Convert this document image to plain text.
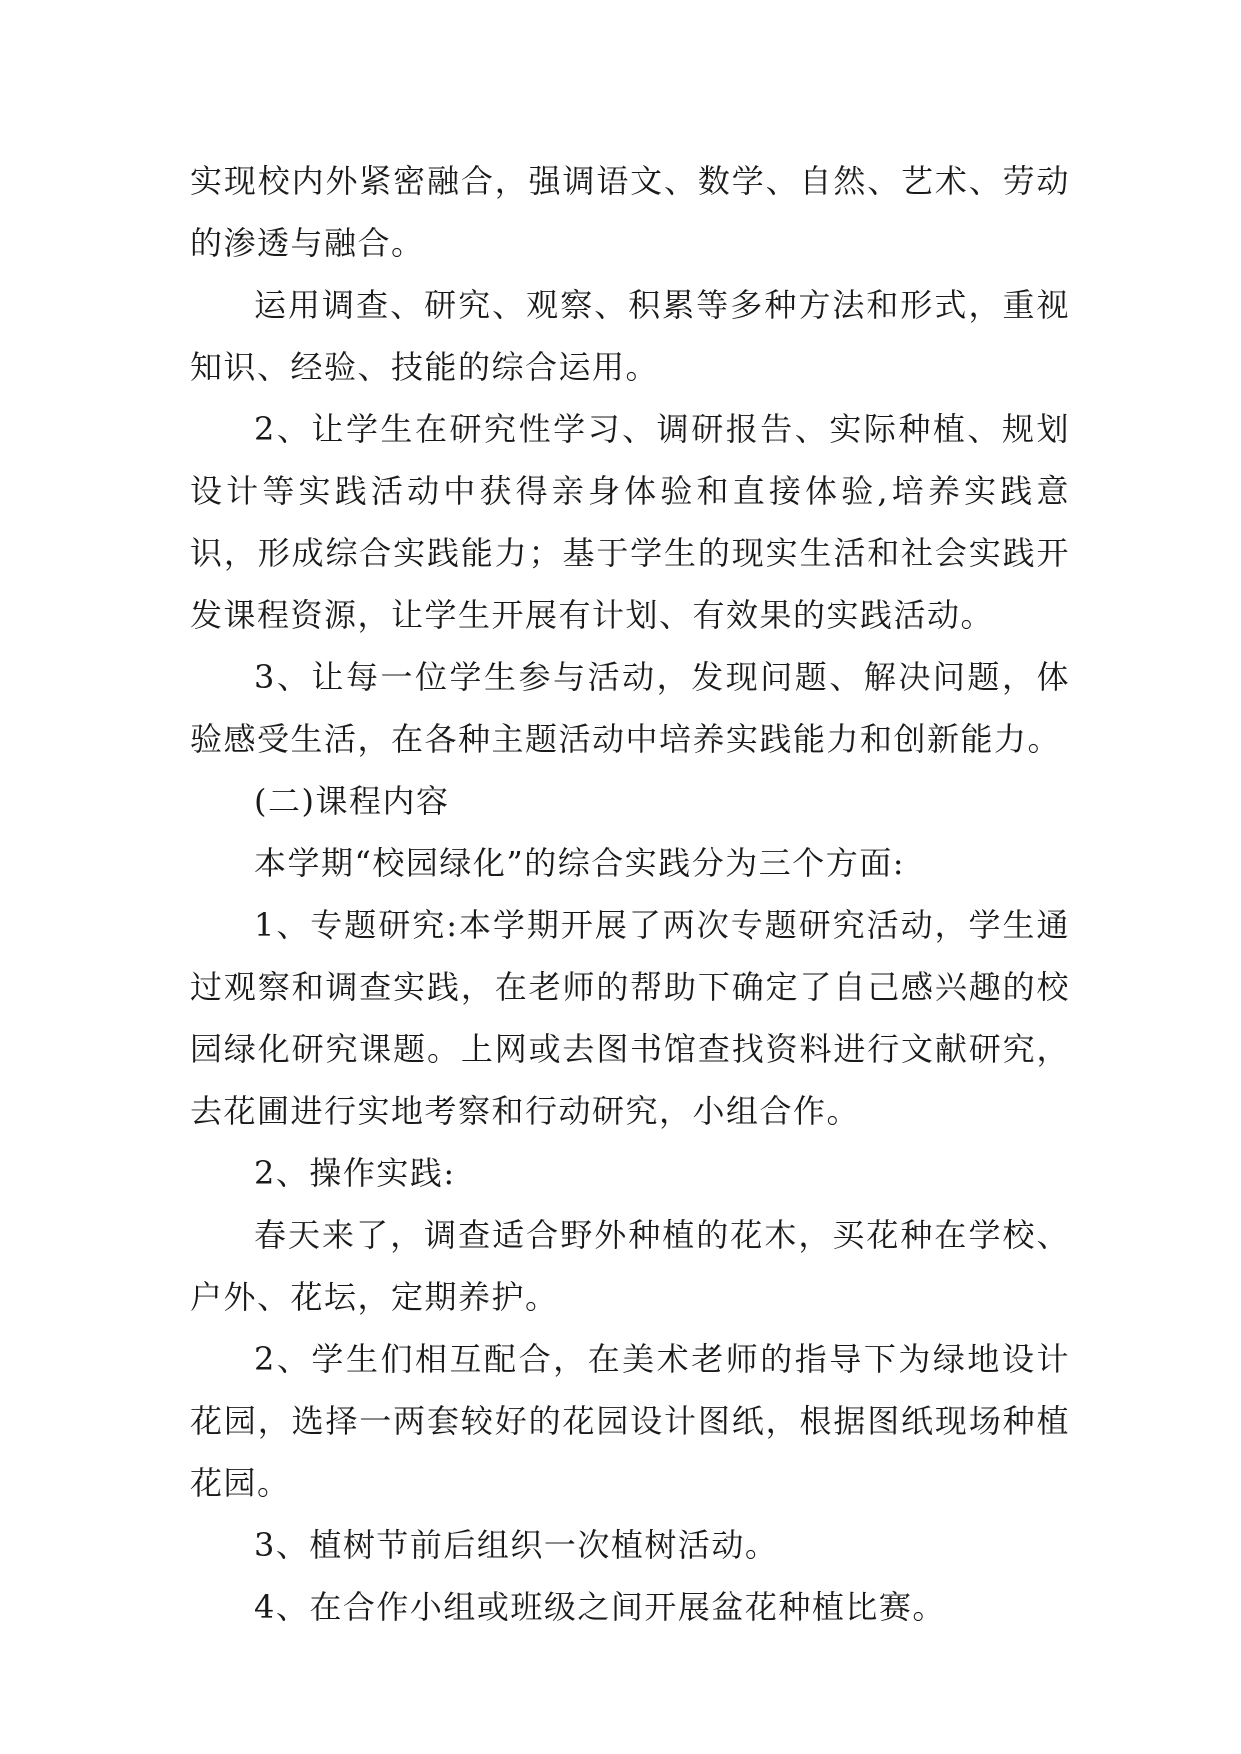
实现校内外紧密融合，强调语文、数学、自然、艺术、劳动的渗透与融合。

运用调查、研究、观察、积累等多种方法和形式，重视知识、经验、技能的综合运用。

2、让学生在研究性学习、调研报告、实际种植、规划设计等实践活动中获得亲身体验和直接体验,培养实践意识，形成综合实践能力；基于学生的现实生活和社会实践开发课程资源，让学生开展有计划、有效果的实践活动。

3、让每一位学生参与活动，发现问题、解决问题，体验感受生活，在各种主题活动中培养实践能力和创新能力。

(二)课程内容

本学期“校园绿化”的综合实践分为三个方面:

1、专题研究:本学期开展了两次专题研究活动，学生通过观察和调查实践，在老师的帮助下确定了自己感兴趣的校园绿化研究课题。上网或去图书馆查找资料进行文献研究，去花圃进行实地考察和行动研究，小组合作。

2、操作实践:

春天来了，调查适合野外种植的花木，买花种在学校、户外、花坛，定期养护。

2、学生们相互配合，在美术老师的指导下为绿地设计花园，选择一两套较好的花园设计图纸，根据图纸现场种植花园。

3、植树节前后组织一次植树活动。

4、在合作小组或班级之间开展盆花种植比赛。
